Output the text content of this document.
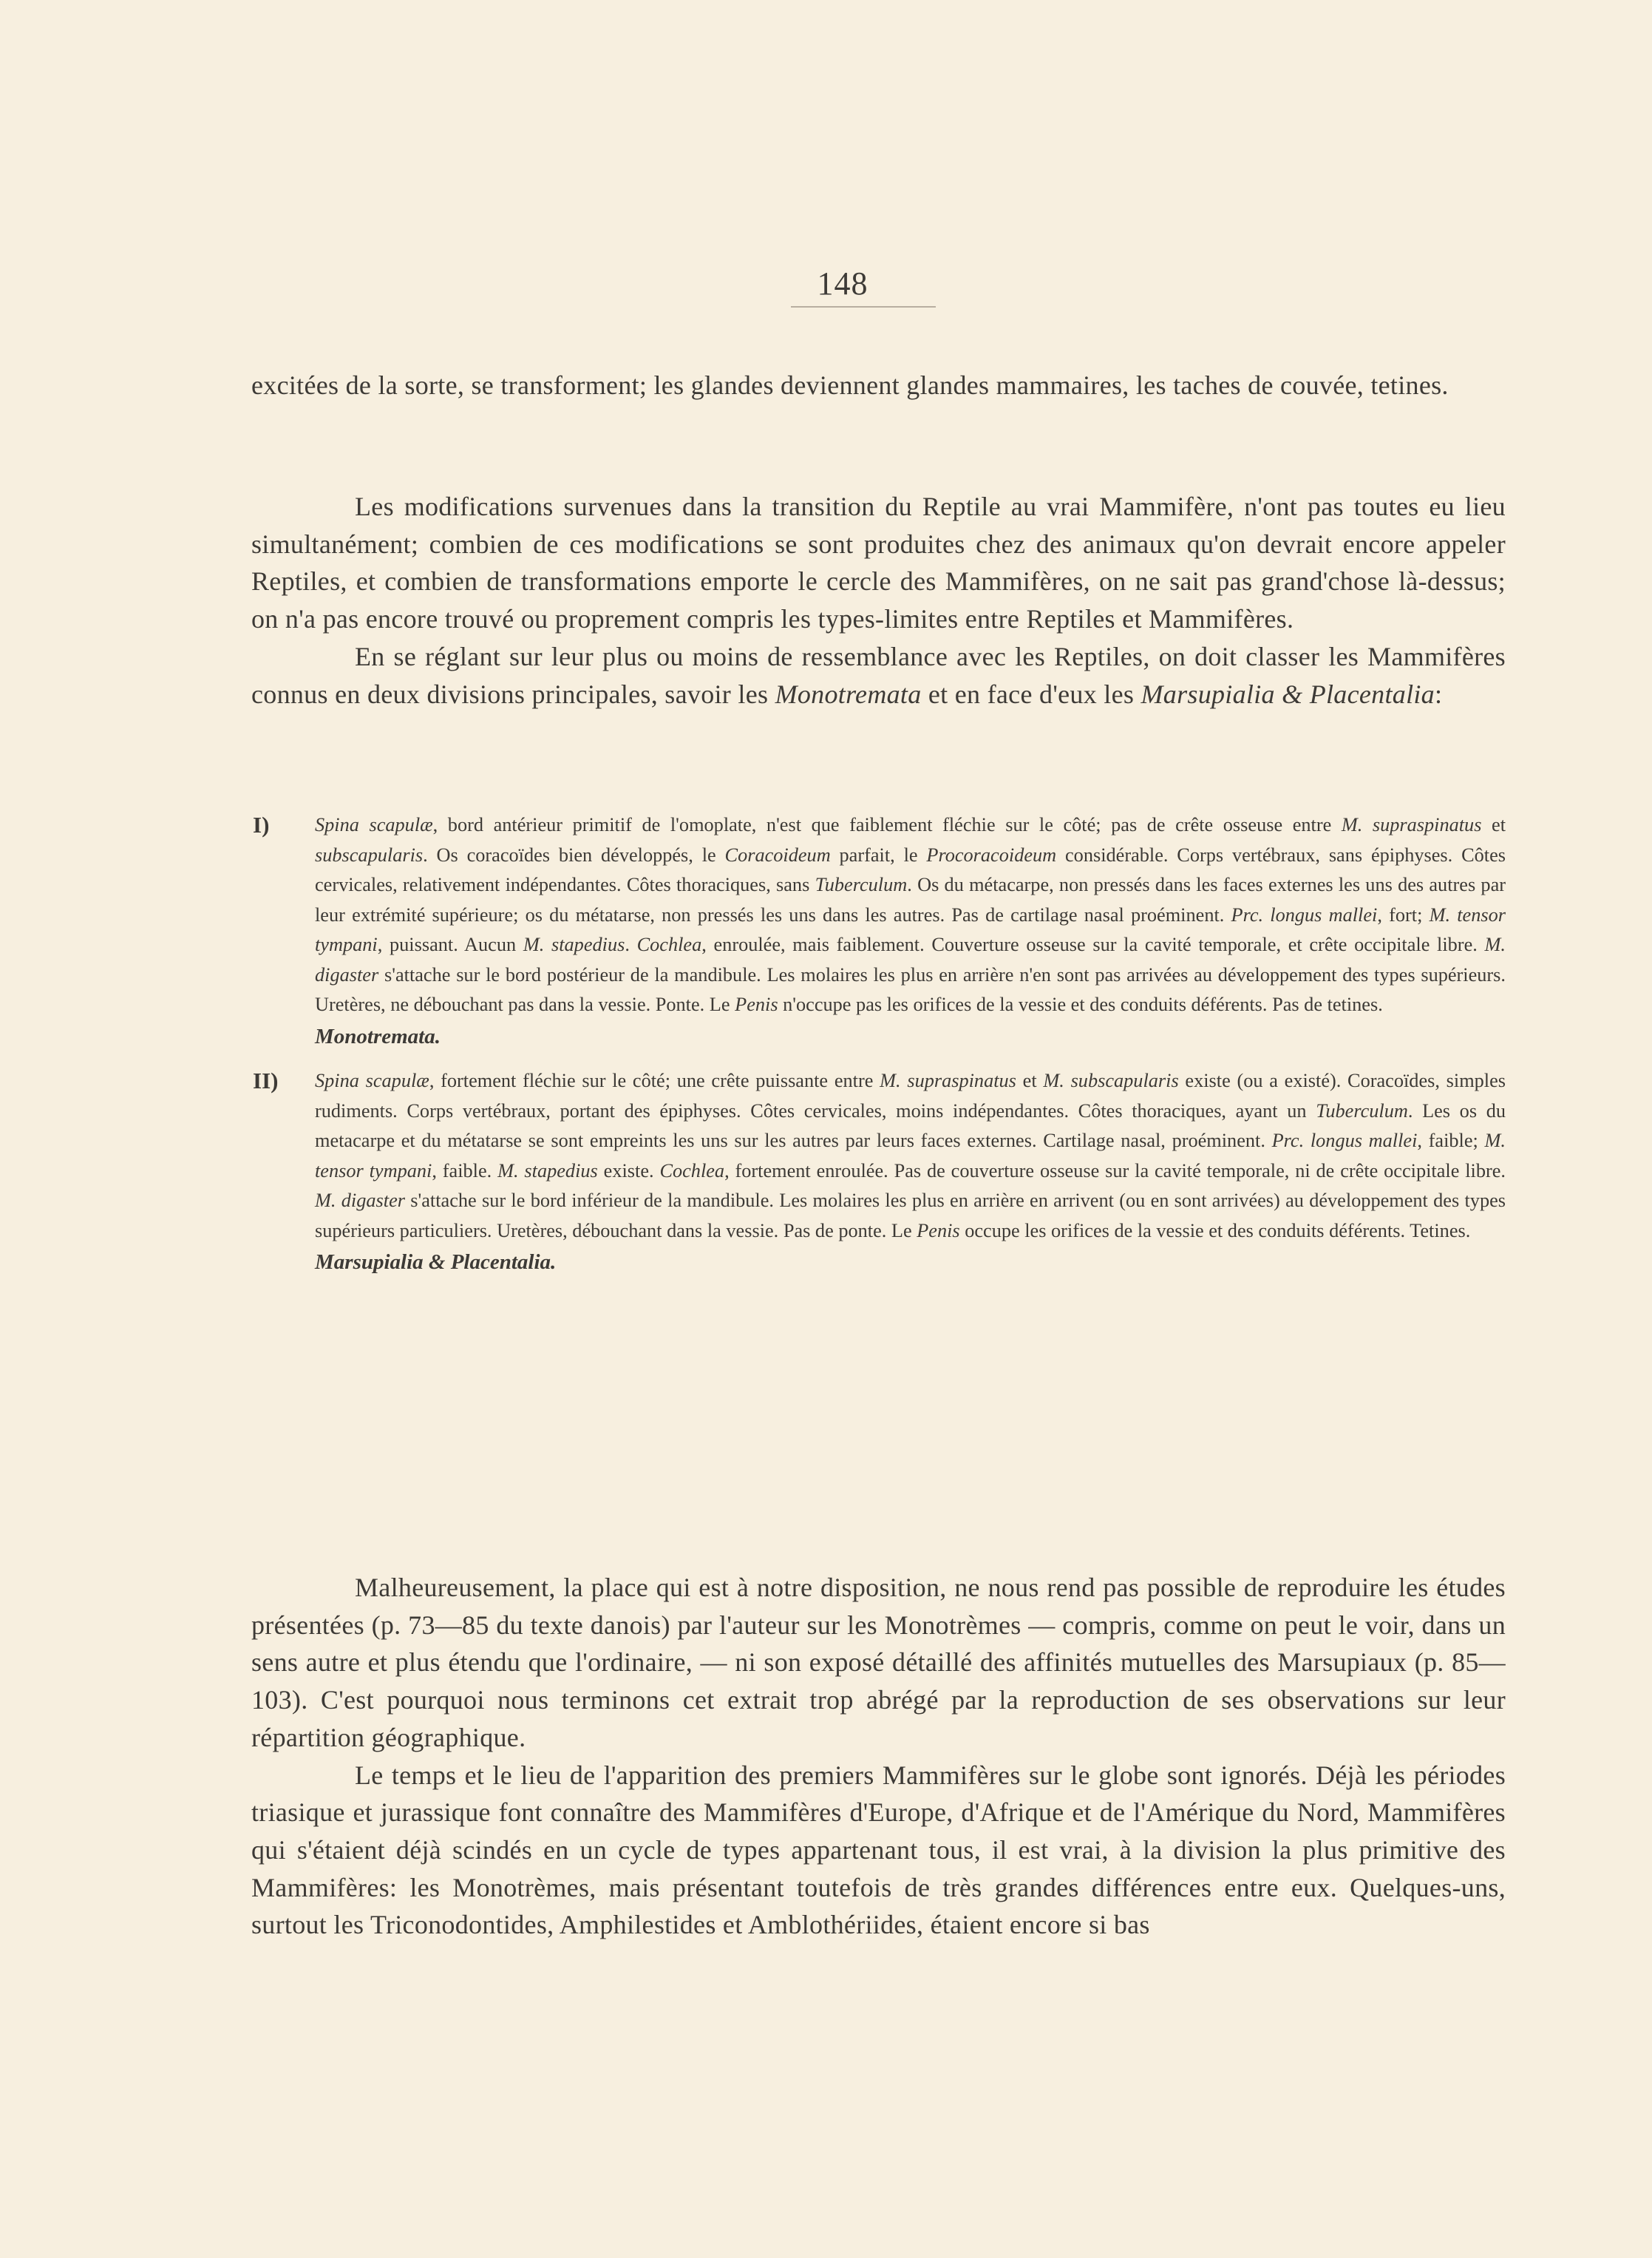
148

excitées de la sorte, se transforment; les glandes deviennent glandes mammaires, les taches de couvée, tetines.

Les modifications survenues dans la transition du Reptile au vrai Mammifère, n'ont pas toutes eu lieu simultanément; combien de ces modifications se sont produites chez des animaux qu'on devrait encore appeler Reptiles, et combien de transformations emporte le cercle des Mammifères, on ne sait pas grand'chose là-dessus; on n'a pas encore trouvé ou proprement compris les types-limites entre Reptiles et Mammifères.

En se réglant sur leur plus ou moins de ressemblance avec les Reptiles, on doit classer les Mammifères connus en deux divisions principales, savoir les Monotremata et en face d'eux les Marsupialia & Placentalia:

I) Spina scapulæ, bord antérieur primitif de l'omoplate, n'est que faiblement fléchie sur le côté; pas de crête osseuse entre M. supraspinatus et subscapularis. Os coracoïdes bien développés, le Coracoideum parfait, le Procoracoideum considérable. Corps vertébraux, sans épiphyses. Côtes cervicales, relativement indépendantes. Côtes thoraciques, sans Tuberculum. Os du métacarpe, non pressés dans les faces externes les uns des autres par leur extrémité supérieure; os du métatarse, non pressés les uns dans les autres. Pas de cartilage nasal proéminent. Prc. longus mallei, fort; M. tensor tympani, puissant. Aucun M. stapedius. Cochlea, enroulée, mais faiblement. Couverture osseuse sur la cavité temporale, et crête occipitale libre. M. digaster s'attache sur le bord postérieur de la mandibule. Les molaires les plus en arrière n'en sont pas arrivées au développement des types supérieurs. Uretères, ne débouchant pas dans la vessie. Ponte. Le Penis n'occupe pas les orifices de la vessie et des conduits déférents. Pas de tetines.
Monotremata.
II) Spina scapulæ, fortement fléchie sur le côté; une crête puissante entre M. supraspinatus et M. subscapularis existe (ou a existé). Coracoïdes, simples rudiments. Corps vertébraux, portant des épiphyses. Côtes cervicales, moins indépendantes. Côtes thoraciques, ayant un Tuberculum. Les os du metacarpe et du métatarse se sont empreints les uns sur les autres par leurs faces externes. Cartilage nasal, proéminent. Prc. longus mallei, faible; M. tensor tympani, faible. M. stapedius existe. Cochlea, fortement enroulée. Pas de couverture osseuse sur la cavité temporale, ni de crête occipitale libre. M. digaster s'attache sur le bord inférieur de la mandibule. Les molaires les plus en arrière en arrivent (ou en sont arrivées) au développement des types supérieurs particuliers. Uretères, débouchant dans la vessie. Pas de ponte. Le Penis occupe les orifices de la vessie et des conduits déférents. Tetines.
Marsupialia & Placentalia.

Malheureusement, la place qui est à notre disposition, ne nous rend pas possible de reproduire les études présentées (p. 73—85 du texte danois) par l'auteur sur les Monotrèmes — compris, comme on peut le voir, dans un sens autre et plus étendu que l'ordinaire, — ni son exposé détaillé des affinités mutuelles des Marsupiaux (p. 85—103). C'est pourquoi nous terminons cet extrait trop abrégé par la reproduction de ses observations sur leur répartition géographique.

Le temps et le lieu de l'apparition des premiers Mammifères sur le globe sont ignorés. Déjà les périodes triasique et jurassique font connaître des Mammifères d'Europe, d'Afrique et de l'Amérique du Nord, Mammifères qui s'étaient déjà scindés en un cycle de types appartenant tous, il est vrai, à la division la plus primitive des Mammifères: les Monotrèmes, mais présentant toutefois de très grandes différences entre eux. Quelques-uns, surtout les Triconodontides, Amphilestides et Amblothériides, étaient encore si bas
